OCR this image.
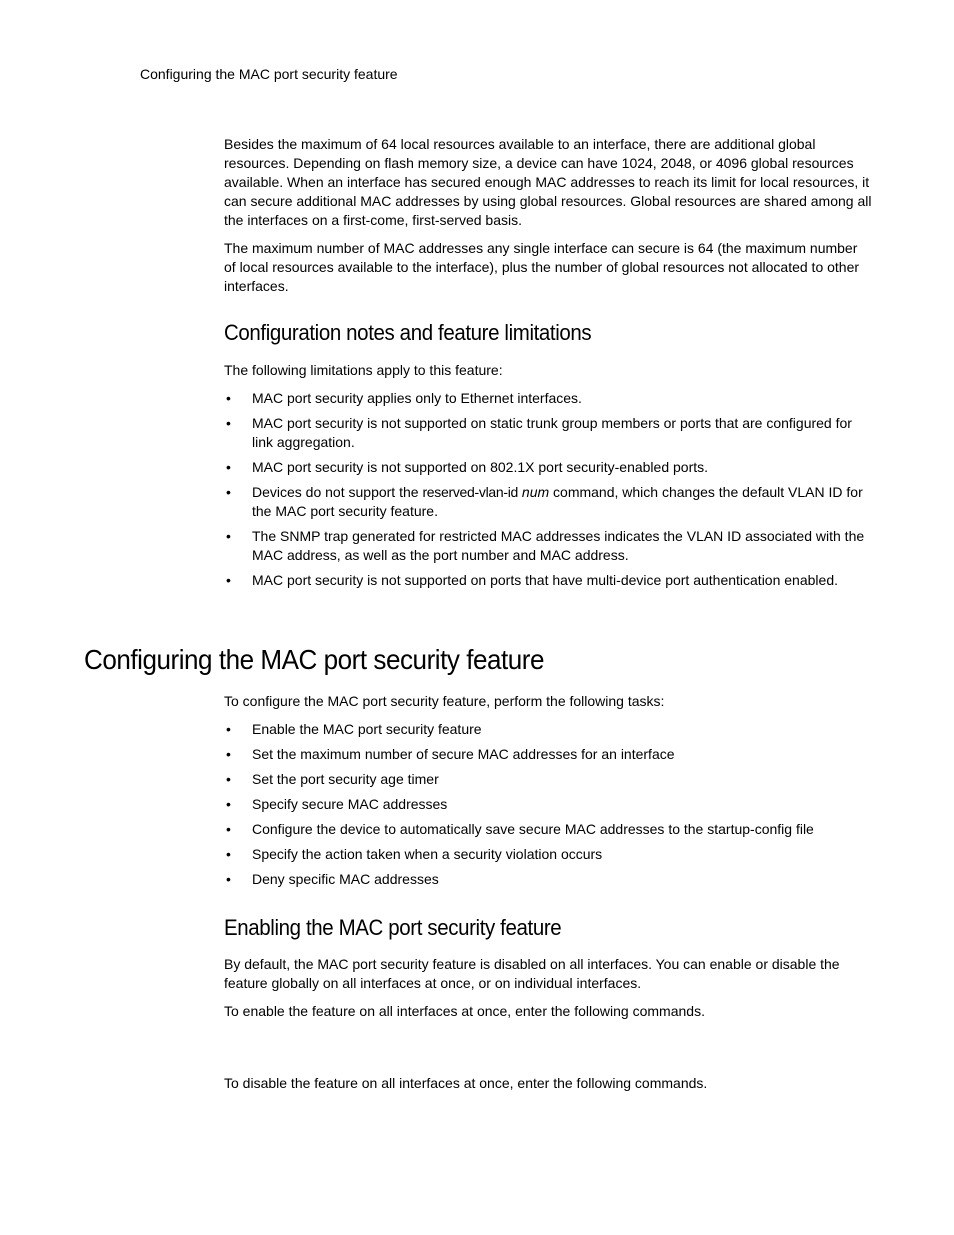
Configuring the MAC port security feature

Besides the maximum of 64 local resources available to an interface, there are additional global resources. Depending on flash memory size, a device can have 1024, 2048, or 4096 global resources available. When an interface has secured enough MAC addresses to reach its limit for local resources, it can secure additional MAC addresses by using global resources. Global resources are shared among all the interfaces on a first-come, first-served basis.

The maximum number of MAC addresses any single interface can secure is 64 (the maximum number of local resources available to the interface), plus the number of global resources not allocated to other interfaces.

Configuration notes and feature limitations

The following limitations apply to this feature:

• MAC port security applies only to Ethernet interfaces.
• MAC port security is not supported on static trunk group members or ports that are configured for link aggregation.
• MAC port security is not supported on 802.1X port security-enabled ports.
• Devices do not support the reserved-vlan-id num command, which changes the default VLAN ID for the MAC port security feature.
• The SNMP trap generated for restricted MAC addresses indicates the VLAN ID associated with the MAC address, as well as the port number and MAC address.
• MAC port security is not supported on ports that have multi-device port authentication enabled.
Configuring the MAC port security feature

To configure the MAC port security feature, perform the following tasks:

• Enable the MAC port security feature
• Set the maximum number of secure MAC addresses for an interface
• Set the port security age timer
• Specify secure MAC addresses
• Configure the device to automatically save secure MAC addresses to the startup-config file
• Specify the action taken when a security violation occurs
• Deny specific MAC addresses
Enabling the MAC port security feature

By default, the MAC port security feature is disabled on all interfaces. You can enable or disable the feature globally on all interfaces at once, or on individual interfaces.

To enable the feature on all interfaces at once, enter the following commands.

To disable the feature on all interfaces at once, enter the following commands.
